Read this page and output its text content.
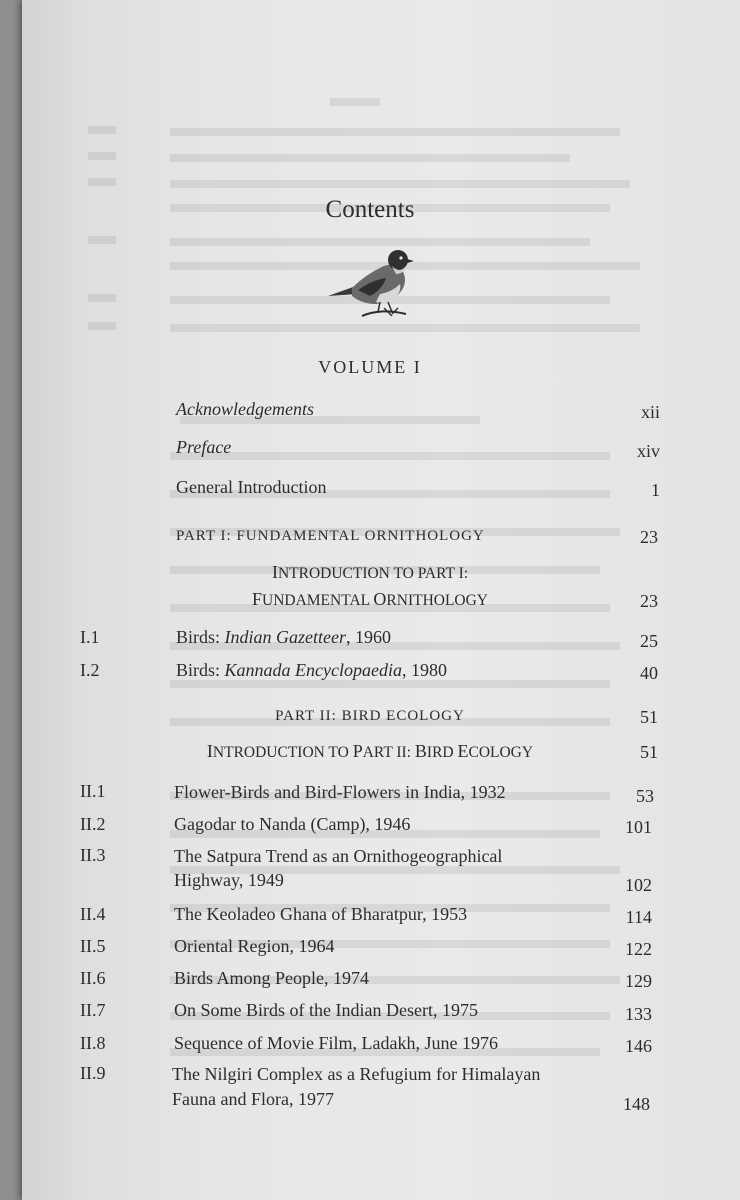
Contents
VOLUME I
Acknowledgements	xii
Preface	xiv
General Introduction	1
PART I: FUNDAMENTAL ORNITHOLOGY	23
INTRODUCTION TO PART I:
FUNDAMENTAL ORNITHOLOGY	23
I.1	Birds: Indian Gazetteer, 1960	25
I.2	Birds: Kannada Encyclopaedia, 1980	40
PART II: BIRD ECOLOGY	51
INTRODUCTION TO PART II: BIRD ECOLOGY	51
II.1	Flower-Birds and Bird-Flowers in India, 1932	53
II.2	Gagodar to Nanda (Camp), 1946	101
II.3	The Satpura Trend as an Ornithogeographical
Highway, 1949	102
II.4	The Keoladeo Ghana of Bharatpur, 1953	114
II.5	Oriental Region, 1964	122
II.6	Birds Among People, 1974	129
II.7	On Some Birds of the Indian Desert, 1975	133
II.8	Sequence of Movie Film, Ladakh, June 1976	146
II.9	The Nilgiri Complex as a Refugium for Himalayan
Fauna and Flora, 1977	148
